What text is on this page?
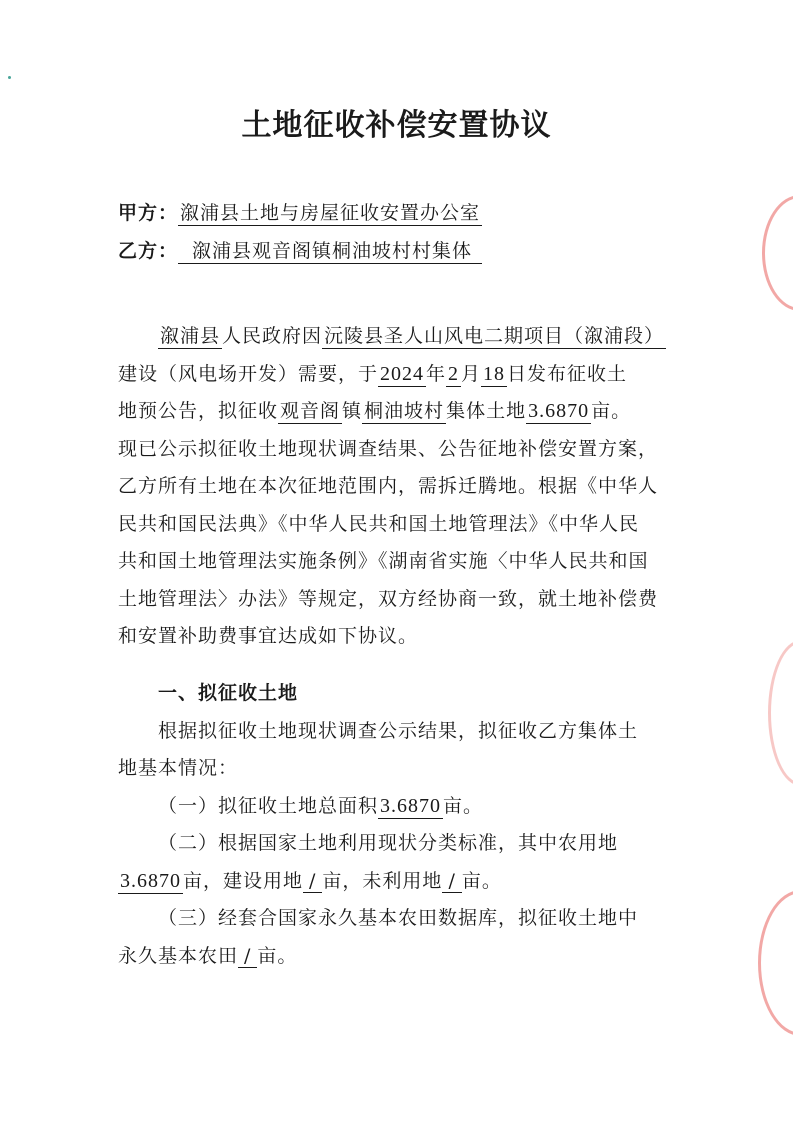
土地征收补偿安置协议
甲方： 溆浦县土地与房屋征收安置办公室
乙方： 溆浦县观音阁镇桐油坡村村集体
溆浦县 人民政府因 沅陵县圣人山风电二期项目（溆浦段）
建设（风电场开发）需要，于 2024 年 2 月 18 日发布征收土
地预公告，拟征收 观音阁 镇 桐油坡村 集体土地 3.6870 亩。
现已公示拟征收土地现状调查结果、公告征地补偿安置方案，
乙方所有土地在本次征地范围内，需拆迁腾地。根据《中华人
民共和国民法典》《中华人民共和国土地管理法》《中华人民
共和国土地管理法实施条例》《湖南省实施〈中华人民共和国
土地管理法〉办法》等规定，双方经协商一致，就土地补偿费
和安置补助费事宜达成如下协议。
一、拟征收土地
根据拟征收土地现状调查公示结果，拟征收乙方集体土
地基本情况：
（一）拟征收土地总面积 3.6870 亩。
（二）根据国家土地利用现状分类标准，其中农用地
3.6870 亩，建设用地 / 亩，未利用地 / 亩。
（三）经套合国家永久基本农田数据库，拟征收土地中
永久基本农田 / 亩。
